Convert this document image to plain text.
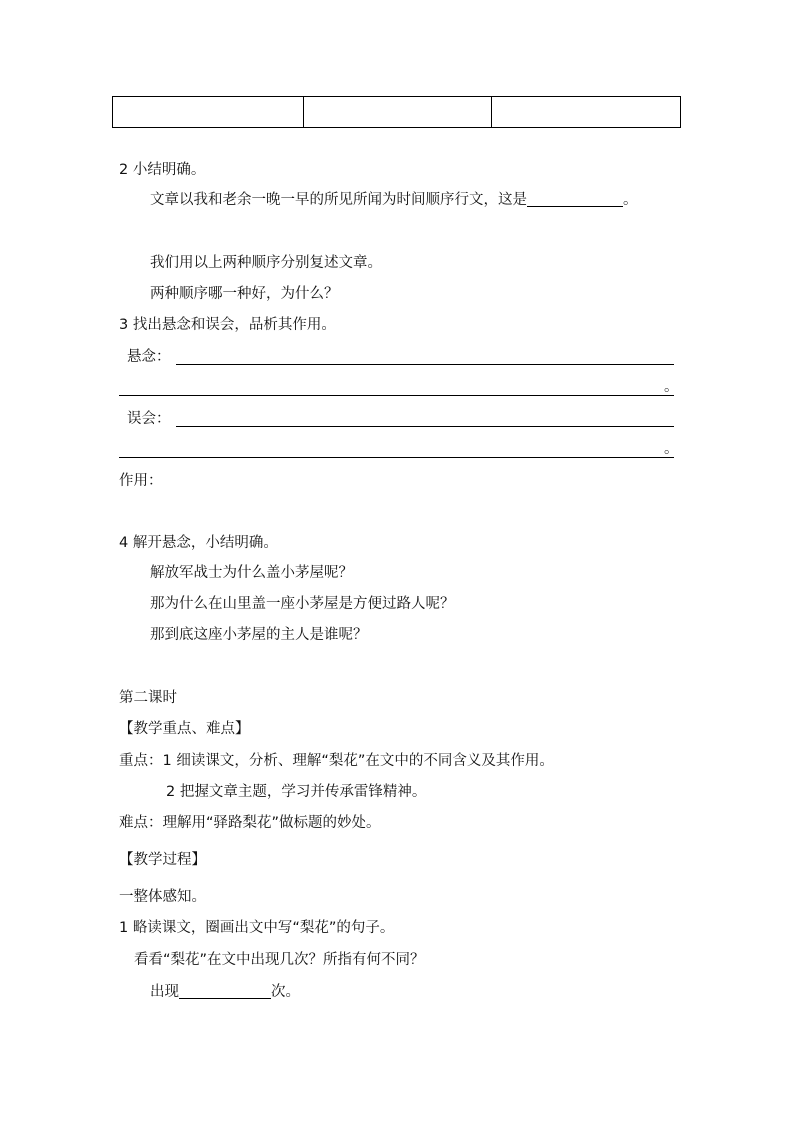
2 小结明确。
文章以我和老余一晚一早的所见所闻为时间顺序行文，这是	。
我们用以上两种顺序分别复述文章。
两种顺序哪一种好，为什么？
3 找出悬念和误会，品析其作用。
悬念：
。
误会：
。
作用：
4 解开悬念，小结明确。
解放军战士为什么盖小茅屋呢？
那为什么在山里盖一座小茅屋是方便过路人呢？
那到底这座小茅屋的主人是谁呢？
第二课时
【教学重点、难点】
重点：1 细读课文，分析、理解“梨花”在文中的不同含义及其作用。
2 把握文章主题，学习并传承雷锋精神。
难点：理解用“驿路梨花”做标题的妙处。
【教学过程】
一整体感知。
1 略读课文，圈画出文中写“梨花”的句子。
看看“梨花”在文中出现几次？所指有何不同？
出现	次。
